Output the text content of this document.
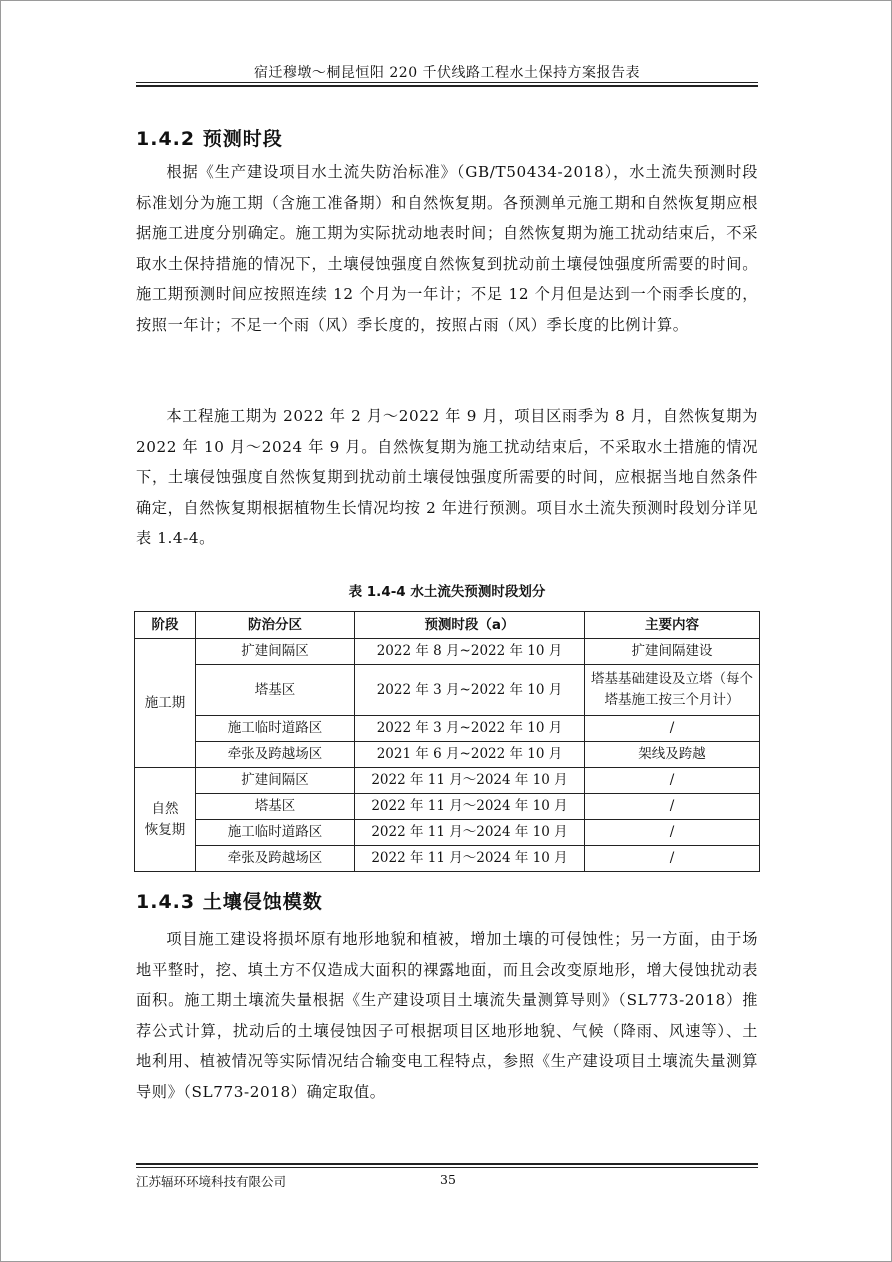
宿迁穆墩～桐昆恒阳 220 千伏线路工程水土保持方案报告表
1.4.2 预测时段

根据《生产建设项目水土流失防治标准》（GB/T50434-2018），水土流失预测时段标准划分为施工期（含施工准备期）和自然恢复期。各预测单元施工期和自然恢复期应根据施工进度分别确定。施工期为实际扰动地表时间；自然恢复期为施工扰动结束后，不采取水土保持措施的情况下，土壤侵蚀强度自然恢复到扰动前土壤侵蚀强度所需要的时间。施工期预测时间应按照连续 12 个月为一年计；不足 12 个月但是达到一个雨季长度的，按照一年计；不足一个雨（风）季长度的，按照占雨（风）季长度的比例计算。

本工程施工期为 2022 年 2 月～2022 年 9 月，项目区雨季为 8 月，自然恢复期为 2022 年 10 月～2024 年 9 月。自然恢复期为施工扰动结束后，不采取水土措施的情况下，土壤侵蚀强度自然恢复期到扰动前土壤侵蚀强度所需要的时间，应根据当地自然条件确定，自然恢复期根据植物生长情况均按 2 年进行预测。项目水土流失预测时段划分详见表 1.4-4。

表 1.4-4 水土流失预测时段划分
阶段	防治分区	预测时段（a）	主要内容
施工期	扩建间隔区	2022 年 8 月~2022 年 10 月	扩建间隔建设
	塔基区	2022 年 3 月~2022 年 10 月	塔基基础建设及立塔（每个塔基施工按三个月计）
	施工临时道路区	2022 年 3 月~2022 年 10 月	/
	牵张及跨越场区	2021 年 6 月~2022 年 10 月	架线及跨越
自然
恢复期	扩建间隔区	2022 年 11 月～2024 年 10 月	/
	塔基区	2022 年 11 月～2024 年 10 月	/
	施工临时道路区	2022 年 11 月～2024 年 10 月	/
	牵张及跨越场区	2022 年 11 月～2024 年 10 月	/
1.4.3 土壤侵蚀模数

项目施工建设将损坏原有地形地貌和植被，增加土壤的可侵蚀性；另一方面，由于场地平整时，挖、填土方不仅造成大面积的裸露地面，而且会改变原地形，增大侵蚀扰动表面积。施工期土壤流失量根据《生产建设项目土壤流失量测算导则》（SL773-2018）推荐公式计算，扰动后的土壤侵蚀因子可根据项目区地形地貌、气候（降雨、风速等）、土地利用、植被情况等实际情况结合输变电工程特点，参照《生产建设项目土壤流失量测算导则》（SL773-2018）确定取值。

江苏辐环环境科技有限公司	35
